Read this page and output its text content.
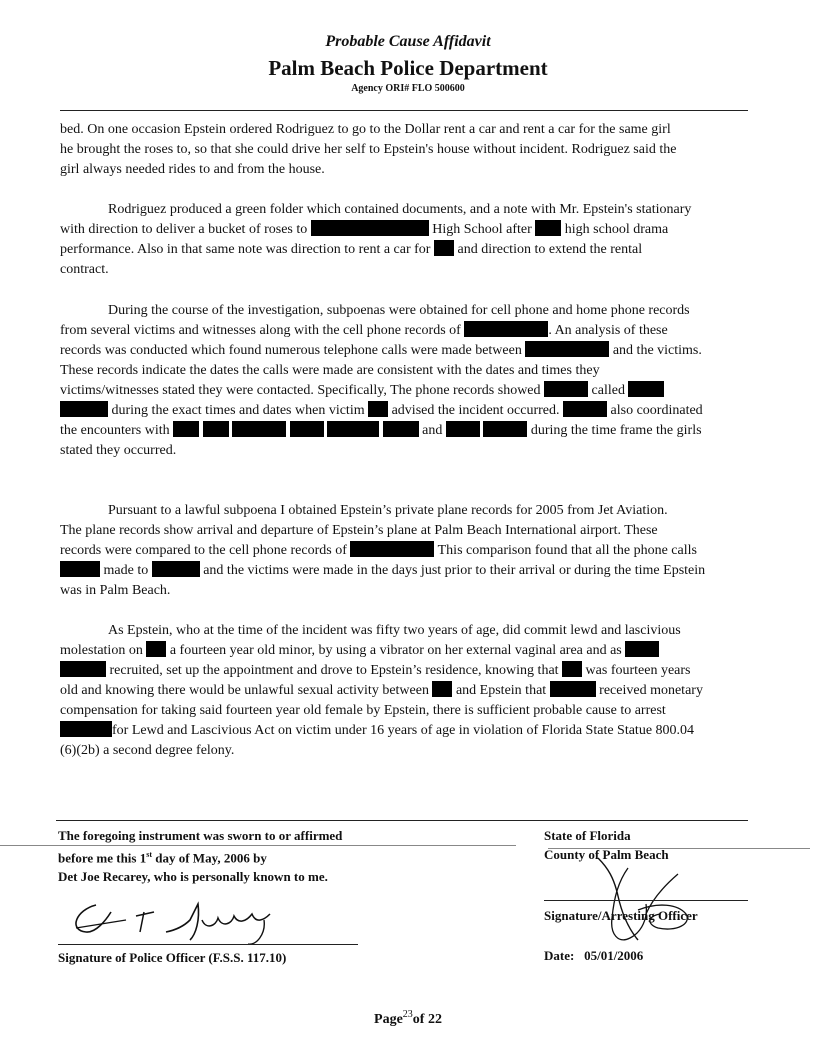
Probable Cause Affidavit
Palm Beach Police Department
Agency ORI# FLO 500600
bed. On one occasion Epstein ordered Rodriguez to go to the Dollar rent a car and rent a car for the same girl
he brought the roses to, so that she could drive her self to Epstein's house without incident. Rodriguez said the
girl always needed rides to and from the house.
Rodriguez produced a green folder which contained documents, and a note with Mr. Epstein's stationary
with direction to deliver a bucket of roses to	High School after high school drama
performance. Also in that same note was direction to rent a car for and direction to extend the rental
contract.
During the course of the investigation, subpoenas were obtained for cell phone and home phone records
from several victims and witnesses along with the cell phone records of	. An analysis of these
records was conducted which found numerous telephone calls were made between	and the victims.
These records indicate the dates the calls were made are consistent with the dates and times they
victims/witnesses stated they were contacted. Specifically, The phone records showed	called
during the exact times and dates when victim advised the incident occurred.	also coordinated
the encounters with	and	during the time frame the girls
stated they occurred.
Pursuant to a lawful subpoena I obtained Epstein’s private plane records for 2005 from Jet Aviation.
The plane records show arrival and departure of Epstein’s plane at Palm Beach International airport. These
records were compared to the cell phone records of	This comparison found that all the phone calls
made to	and the victims were made in the days just prior to their arrival or during the time Epstein
was in Palm Beach.
As Epstein, who at the time of the incident was fifty two years of age, did commit lewd and lascivious
molestation on a fourteen year old minor, by using a vibrator on her external vaginal area and as
recruited, set up the appointment and drove to Epstein’s residence, knowing that was fourteen years
old and knowing there would be unlawful sexual activity between and Epstein that	received monetary
compensation for taking said fourteen year old female by Epstein, there is sufficient probable cause to arrest
for Lewd and Lascivious Act on victim under 16 years of age in violation of Florida State Statue 800.04
(6)(2b) a second degree felony.
The foregoing instrument was sworn to or affirmed
before me this 1st day of May, 2006 by
Det Joe Recarey, who is personally known to me.
Signature of Police Officer (F.S.S. 117.10)
State of Florida
County of Palm Beach
Signature/Arresting Officer
Date: 05/01/2006
Page$^{23}$of 22
